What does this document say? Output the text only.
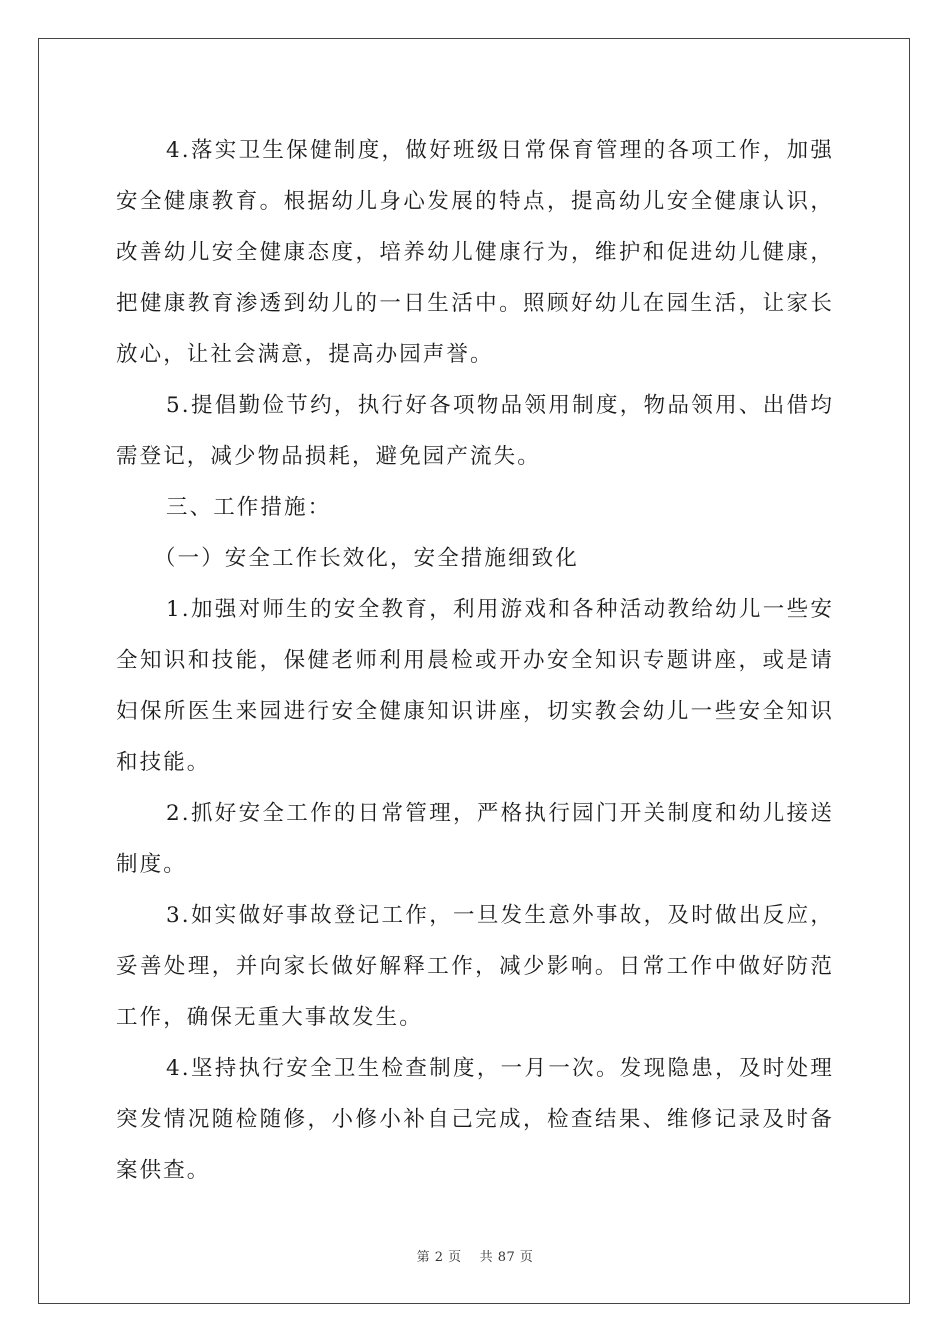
4.落实卫生保健制度，做好班级日常保育管理的各项工作，加强安全健康教育。根据幼儿身心发展的特点，提高幼儿安全健康认识，改善幼儿安全健康态度，培养幼儿健康行为，维护和促进幼儿健康，把健康教育渗透到幼儿的一日生活中。照顾好幼儿在园生活，让家长放心，让社会满意，提高办园声誉。

5.提倡勤俭节约，执行好各项物品领用制度，物品领用、出借均需登记，减少物品损耗，避免园产流失。

三、工作措施：

（一）安全工作长效化，安全措施细致化

1.加强对师生的安全教育，利用游戏和各种活动教给幼儿一些安全知识和技能，保健老师利用晨检或开办安全知识专题讲座，或是请妇保所医生来园进行安全健康知识讲座，切实教会幼儿一些安全知识和技能。

2.抓好安全工作的日常管理，严格执行园门开关制度和幼儿接送制度。

3.如实做好事故登记工作，一旦发生意外事故，及时做出反应，妥善处理，并向家长做好解释工作，减少影响。日常工作中做好防范工作，确保无重大事故发生。

4.坚持执行安全卫生检查制度，一月一次。发现隐患，及时处理突发情况随检随修，小修小补自己完成，检查结果、维修记录及时备案供查。

第 2 页 共 87 页
